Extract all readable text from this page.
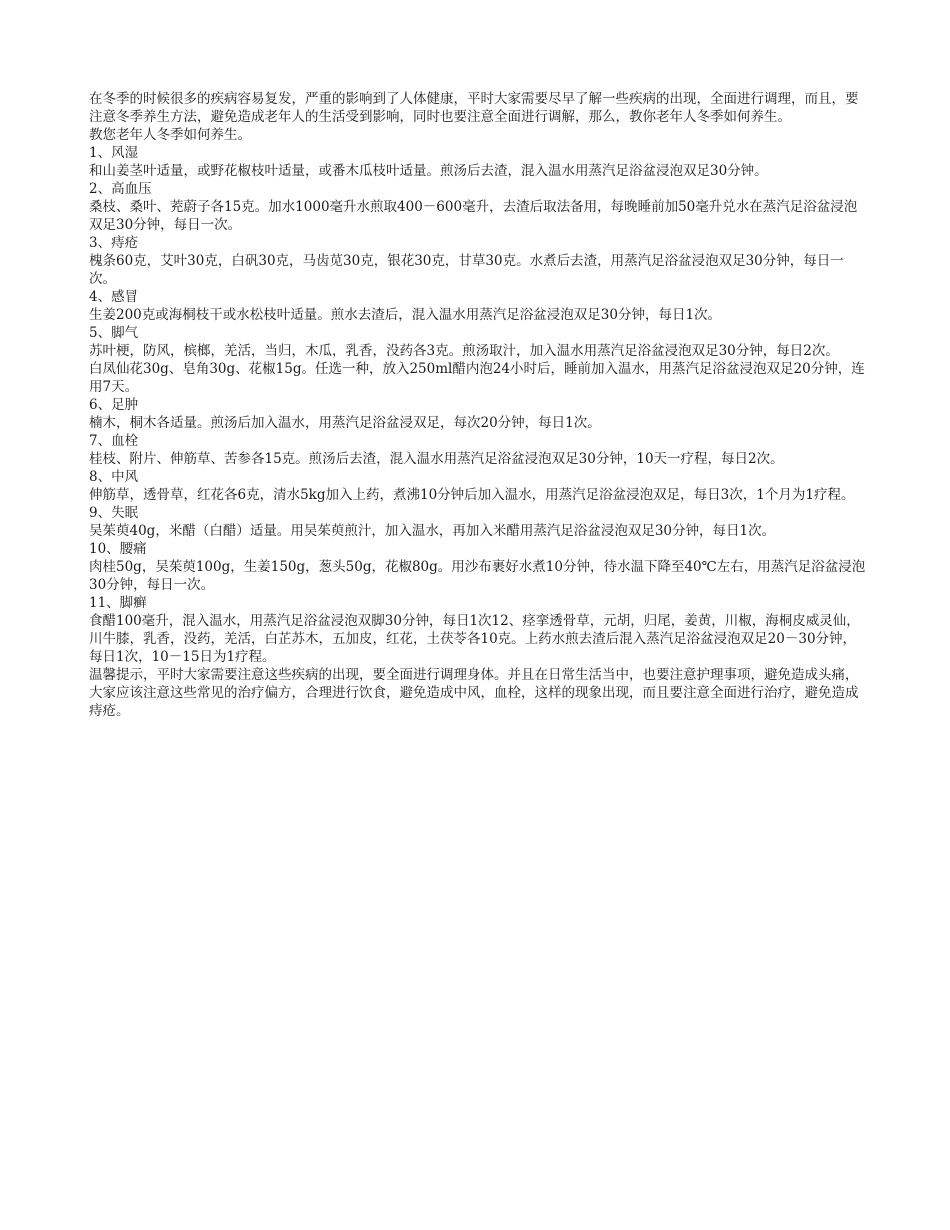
在冬季的时候很多的疾病容易复发，严重的影响到了人体健康，平时大家需要尽早了解一些疾病的出现，全面进行调理，而且，要注意冬季养生方法，避免造成老年人的生活受到影响，同时也要注意全面进行调解，那么，教你老年人冬季如何养生。

教您老年人冬季如何养生。

1、风湿

和山姜茎叶适量，或野花椒枝叶适量，或番木瓜枝叶适量。煎汤后去渣，混入温水用蒸汽足浴盆浸泡双足30分钟。

2、高血压

桑枝、桑叶、茺蔚子各15克。加水1000毫升水煎取400－600毫升，去渣后取法备用，每晚睡前加50毫升兑水在蒸汽足浴盆浸泡双足30分钟，每日一次。

3、痔疮

槐条60克，艾叶30克，白矾30克，马齿苋30克，银花30克，甘草30克。水煮后去渣，用蒸汽足浴盆浸泡双足30分钟，每日一次。

4、感冒

生姜200克或海桐枝干或水松枝叶适量。煎水去渣后，混入温水用蒸汽足浴盆浸泡双足30分钟，每日1次。

5、脚气

苏叶梗，防风，槟榔，羌活，当归，木瓜，乳香，没药各3克。煎汤取汁，加入温水用蒸汽足浴盆浸泡双足30分钟，每日2次。

白凤仙花30g、皂角30g、花椒15g。任选一种，放入250ml醋内泡24小时后，睡前加入温水，用蒸汽足浴盆浸泡双足20分钟，连用7天。

6、足肿

楠木，桐木各适量。煎汤后加入温水，用蒸汽足浴盆浸双足，每次20分钟，每日1次。

7、血栓

桂枝、附片、伸筋草、苦参各15克。煎汤后去渣，混入温水用蒸汽足浴盆浸泡双足30分钟，10天一疗程，每日2次。

8、中风

伸筋草，透骨草，红花各6克，清水5kg加入上药，煮沸10分钟后加入温水，用蒸汽足浴盆浸泡双足，每日3次，1个月为1疗程。

9、失眠

吴茱萸40g，米醋（白醋）适量。用吴茱萸煎汁，加入温水，再加入米醋用蒸汽足浴盆浸泡双足30分钟，每日1次。

10、腰痛

肉桂50g，吴茱萸100g，生姜150g，葱头50g，花椒80g。用沙布裹好水煮10分钟，待水温下降至40℃左右，用蒸汽足浴盆浸泡30分钟，每日一次。

11、脚癣

食醋100毫升，混入温水，用蒸汽足浴盆浸泡双脚30分钟，每日1次12、痉挛透骨草，元胡，归尾，姜黄，川椒，海桐皮威灵仙，川牛膝，乳香，没药，羌活，白芷苏木，五加皮，红花，土茯苓各10克。上药水煎去渣后混入蒸汽足浴盆浸泡双足20－30分钟，每日1次，10－15日为1疗程。

温馨提示，平时大家需要注意这些疾病的出现，要全面进行调理身体。并且在日常生活当中，也要注意护理事项，避免造成头痛，大家应该注意这些常见的治疗偏方，合理进行饮食，避免造成中风，血栓，这样的现象出现，而且要注意全面进行治疗，避免造成痔疮。
